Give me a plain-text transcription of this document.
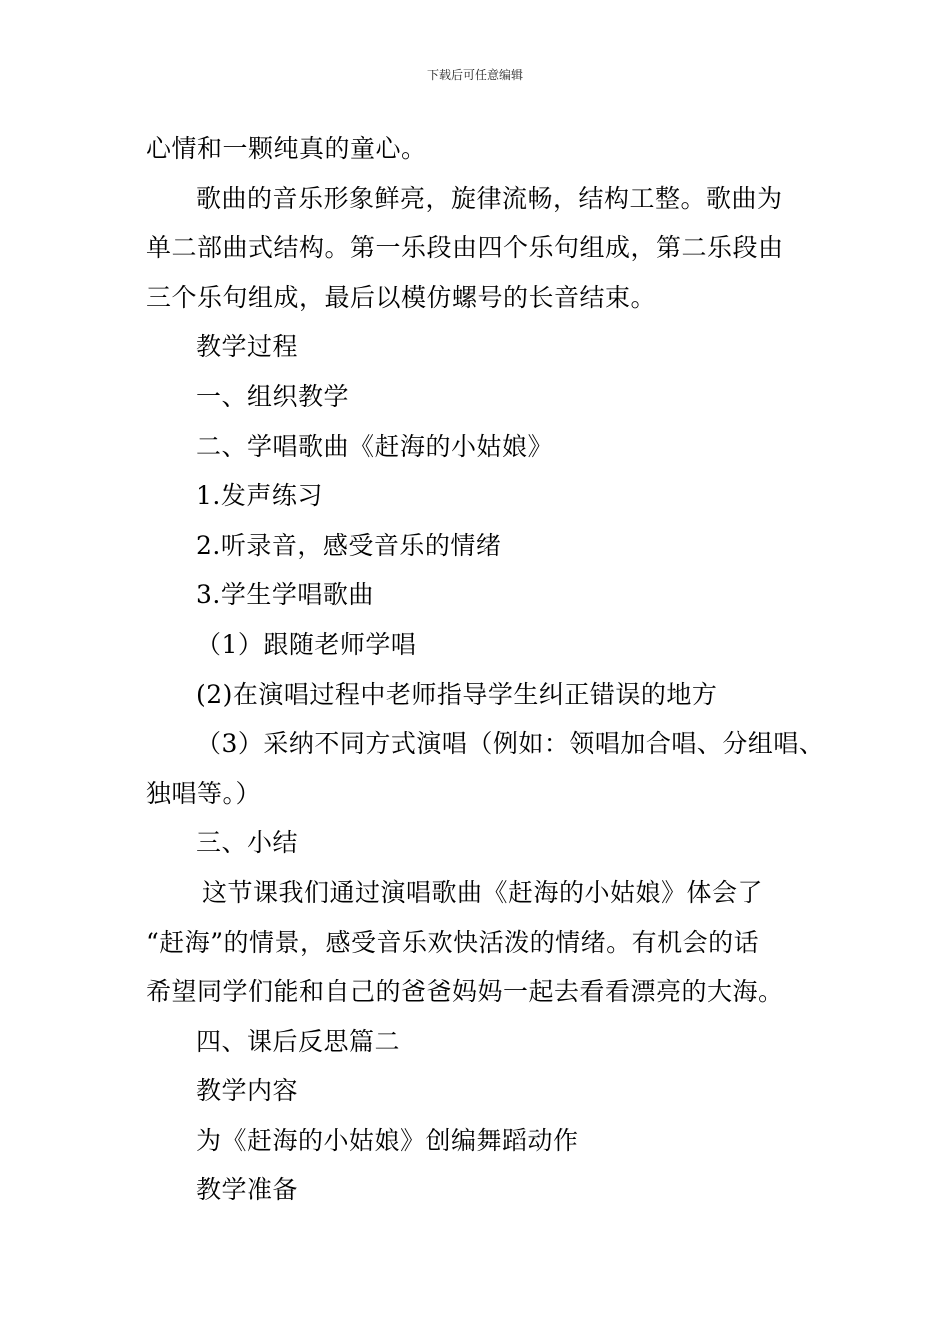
下载后可任意编辑
心情和一颗纯真的童心。
歌曲的音乐形象鲜亮，旋律流畅，结构工整。歌曲为
单二部曲式结构。第一乐段由四个乐句组成，第二乐段由
三个乐句组成，最后以模仿螺号的长音结束。
教学过程
一、组织教学
二、学唱歌曲《赶海的小姑娘》
1.发声练习
2.听录音，感受音乐的情绪
3.学生学唱歌曲
（1）跟随老师学唱
(2)在演唱过程中老师指导学生纠正错误的地方
（3）采纳不同方式演唱（例如：领唱加合唱、分组唱、
独唱等。）
三、小结
这节课我们通过演唱歌曲《赶海的小姑娘》体会了
“赶海”的情景，感受音乐欢快活泼的情绪。有机会的话
希望同学们能和自己的爸爸妈妈一起去看看漂亮的大海。
四、课后反思篇二
教学内容
为《赶海的小姑娘》创编舞蹈动作
教学准备
